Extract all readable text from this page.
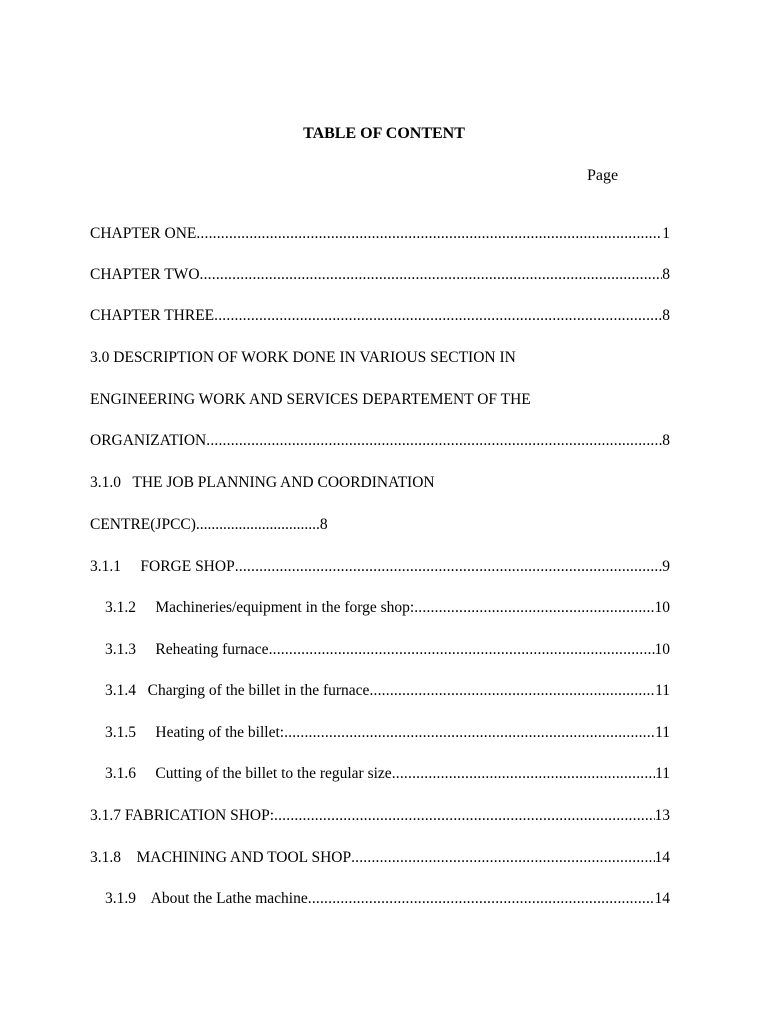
TABLE OF CONTENT
Page
CHAPTER ONE .....	1
CHAPTER TWO .....	8
CHAPTER THREE .....	8
3.0 DESCRIPTION OF WORK DONE IN VARIOUS SECTION IN
ENGINEERING WORK AND SERVICES DEPARTEMENT OF THE
ORGANIZATION .....	8
3.1.0   THE JOB PLANNING AND COORDINATION
CENTRE(JPCC)................................8
3.1.1     FORGE SHOP .....	9
3.1.2     Machineries/equipment in the forge shop: .....	10
3.1.3     Reheating furnace .....	10
3.1.4   Charging of the billet in the furnace .....	11
3.1.5     Heating of the billet: .....	11
3.1.6     Cutting of the billet to the regular size .....	11
3.1.7 FABRICATION SHOP: .....	13
3.1.8    MACHINING AND TOOL SHOP .....	14
3.1.9    About the Lathe machine .....	14
